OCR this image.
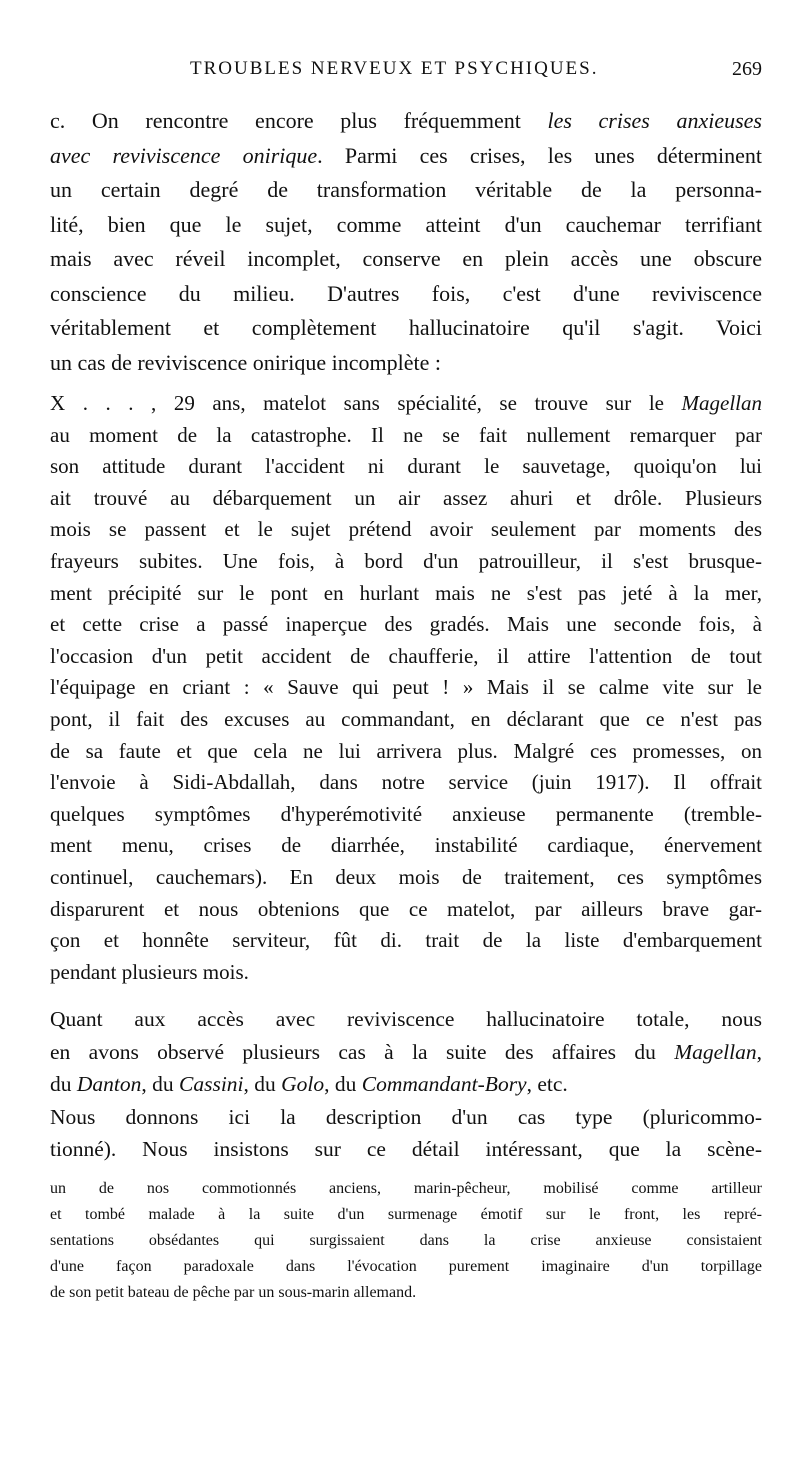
TROUBLES NERVEUX ET PSYCHIQUES.	269
c. On rencontre encore plus fréquemment les crises anxieuses
avec reviviscence onirique. Parmi ces crises, les unes déterminent
un certain degré de transformation véritable de la personna-
lité, bien que le sujet, comme atteint d'un cauchemar terrifiant
mais avec réveil incomplet, conserve en plein accès une obscure
conscience du milieu. D'autres fois, c'est d'une reviviscence
véritablement et complètement hallucinatoire qu'il s'agit. Voici
un cas de reviviscence onirique incomplète :
X . . . , 29 ans, matelot sans spécialité, se trouve sur le Magellan
au moment de la catastrophe. Il ne se fait nullement remarquer par
son attitude durant l'accident ni durant le sauvetage, quoiqu'on lui
ait trouvé au débarquement un air assez ahuri et drôle. Plusieurs
mois se passent et le sujet prétend avoir seulement par moments des
frayeurs subites. Une fois, à bord d'un patrouilleur, il s'est brusque-
ment précipité sur le pont en hurlant mais ne s'est pas jeté à la mer,
et cette crise a passé inaperçue des gradés. Mais une seconde fois, à
l'occasion d'un petit accident de chaufferie, il attire l'attention de tout
l'équipage en criant : « Sauve qui peut ! » Mais il se calme vite sur le
pont, il fait des excuses au commandant, en déclarant que ce n'est pas
de sa faute et que cela ne lui arrivera plus. Malgré ces promesses, on
l'envoie à Sidi-Abdallah, dans notre service (juin 1917). Il offrait
quelques symptômes d'hyperémotivité anxieuse permanente (tremble-
ment menu, crises de diarrhée, instabilité cardiaque, énervement
continuel, cauchemars). En deux mois de traitement, ces symptômes
disparurent et nous obtenions que ce matelot, par ailleurs brave gar-
çon et honnête serviteur, fût di. trait de la liste d'embarquement
pendant plusieurs mois.
Quant aux accès avec reviviscence hallucinatoire totale, nous
en avons observé plusieurs cas à la suite des affaires du Magellan,
du Danton, du Cassini, du Golo, du Commandant-Bory, etc.
Nous donnons ici la description d'un cas type (pluricommo-
tionné). Nous insistons sur ce détail intéressant, que la scène-
un de nos commotionnés anciens, marin-pêcheur, mobilisé comme artilleur
et tombé malade à la suite d'un surmenage émotif sur le front, les repré-
sentations obsédantes qui surgissaient dans la crise anxieuse consistaient
d'une façon paradoxale dans l'évocation purement imaginaire d'un torpillage
de son petit bateau de pêche par un sous-marin allemand.
